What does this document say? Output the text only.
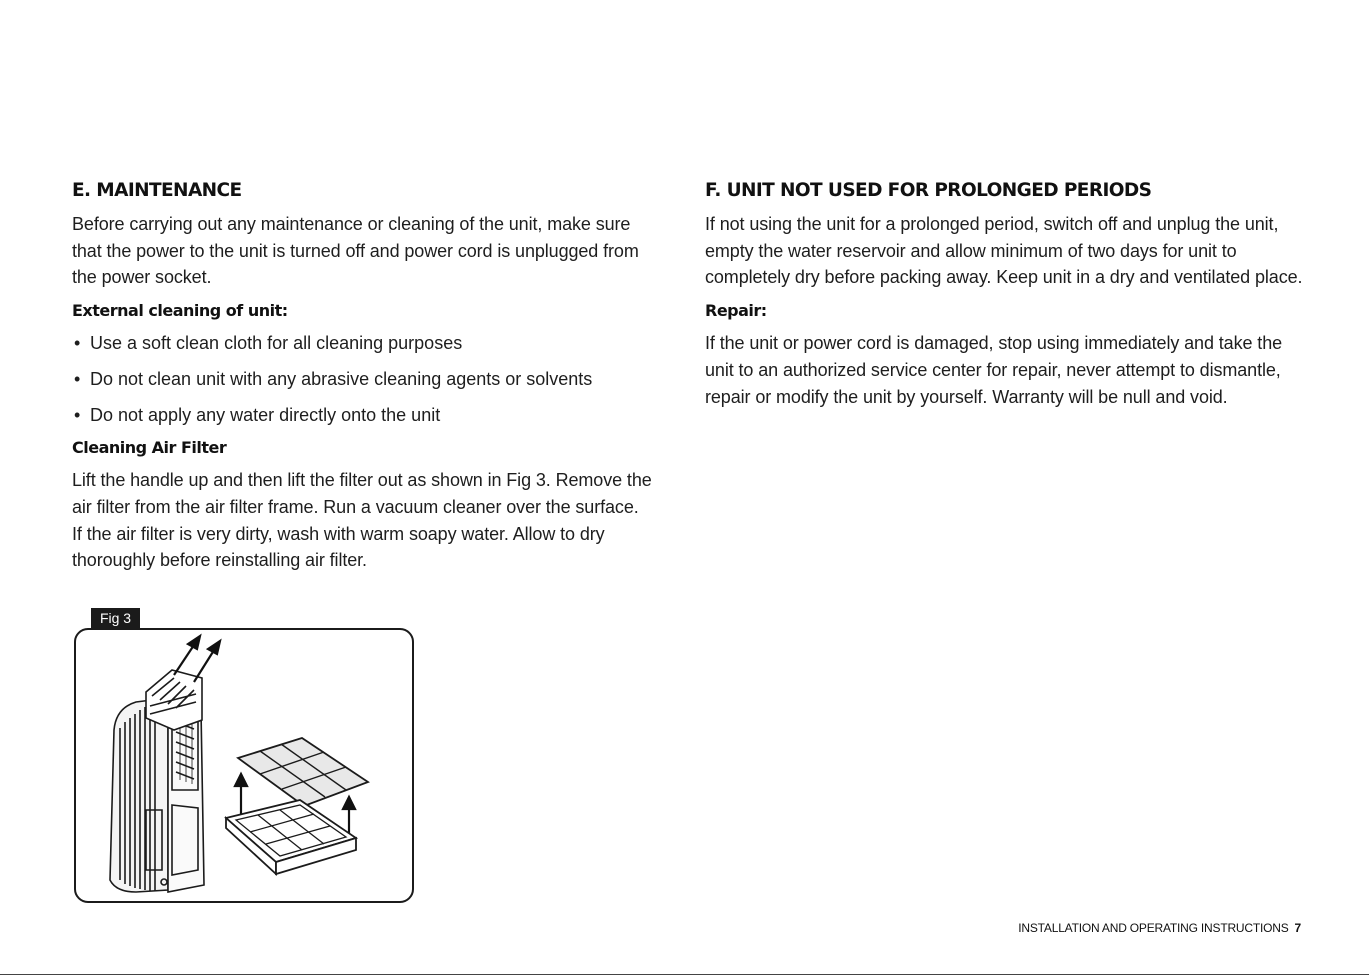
E. MAINTENANCE

Before carrying out any maintenance or cleaning of the unit, make sure that the power to the unit is turned off and power cord is unplugged from the power socket.

External cleaning of unit:
• Use a soft clean cloth for all cleaning purposes
• Do not clean unit with any abrasive cleaning agents or solvents
• Do not apply any water directly onto the unit
Cleaning Air Filter

Lift the handle up and then lift the filter out as shown in Fig 3. Remove the air filter from the air filter frame. Run a vacuum cleaner over the surface. If the air filter is very dirty, wash with warm soapy water. Allow to dry thoroughly before reinstalling air filter.

Fig 3
F. UNIT NOT USED FOR PROLONGED PERIODS

If not using the unit for a prolonged period, switch off and unplug the unit, empty the water reservoir and allow minimum of two days for unit to completely dry before packing away. Keep unit in a dry and ventilated place.

Repair:

If the unit or power cord is damaged, stop using immediately and take the unit to an authorized service center for repair, never attempt to dismantle, repair or modify the unit by yourself. Warranty will be null and void.

INSTALLATION AND OPERATING INSTRUCTIONS 7
